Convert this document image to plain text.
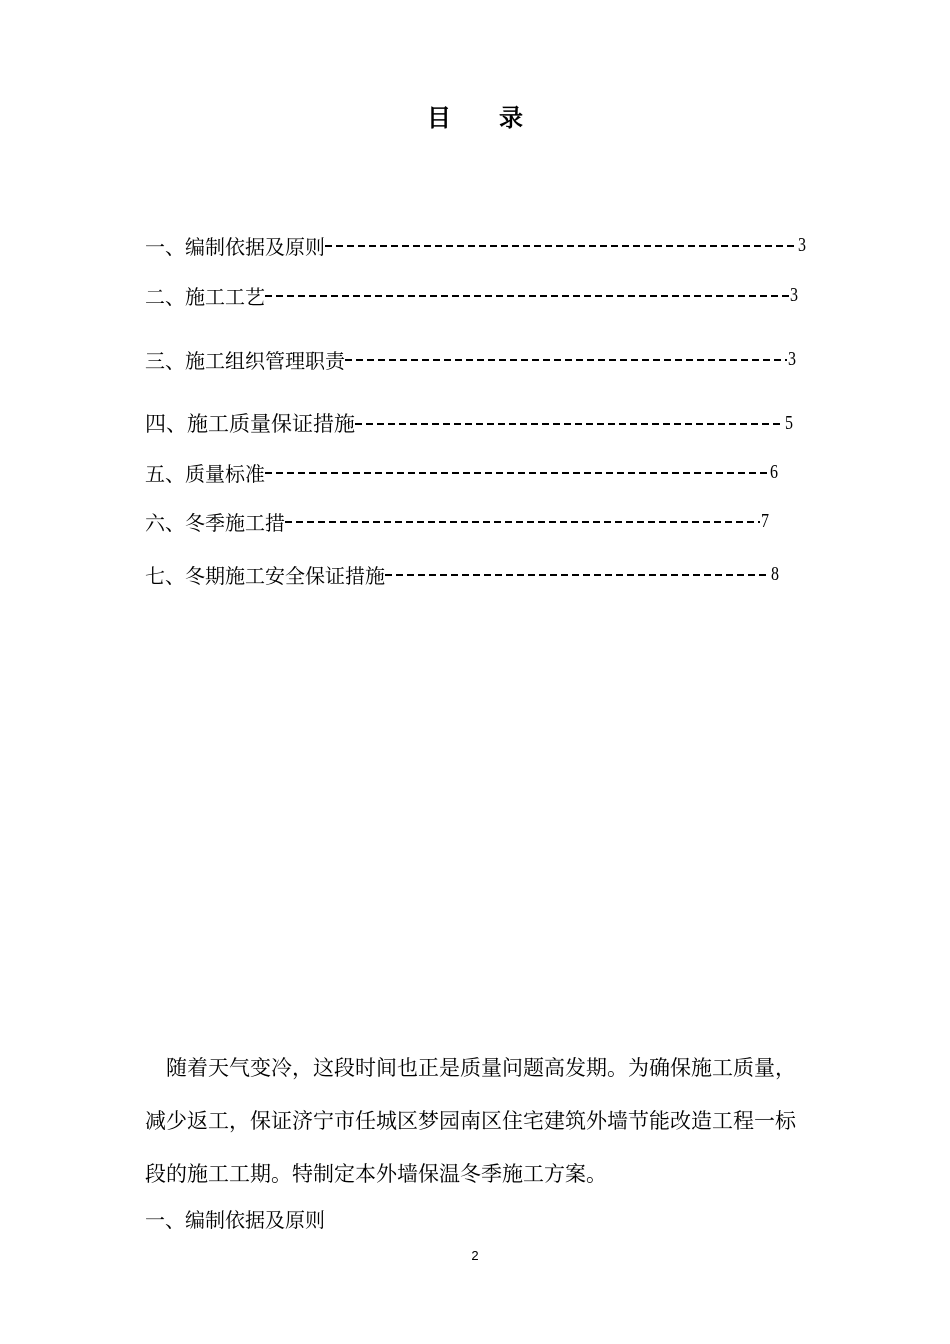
目录
一、编制依据及原则	3
二、施工工艺	3
三、施工组织管理职责	3
四、施工质量保证措施	5
五、质量标准	6
六、冬季施工措	7
七、冬期施工安全保证措施	8
随着天气变冷，这段时间也正是质量问题高发期。为确保施工质量，减少返工，保证济宁市任城区梦园南区住宅建筑外墙节能改造工程一标段的施工工期。特制定本外墙保温冬季施工方案。
一、编制依据及原则
2
